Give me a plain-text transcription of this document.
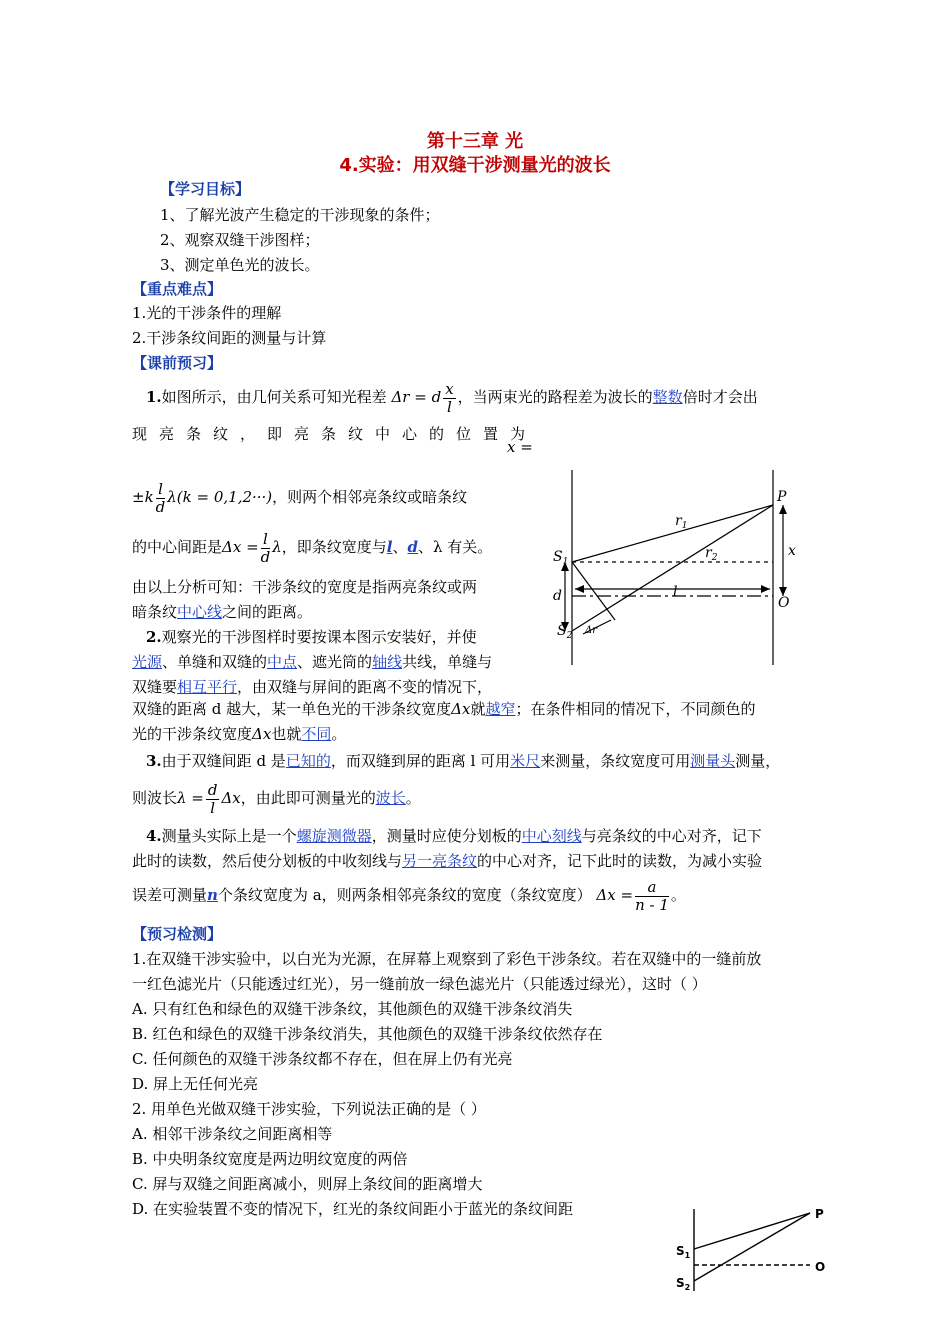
第十三章 光
4.实验：用双缝干涉测量光的波长
【学习目标】
1、了解光波产生稳定的干涉现象的条件；
2、观察双缝干涉图样；
3、测定单色光的波长。
【重点难点】
1.光的干涉条件的理解
2.干涉条纹间距的测量与计算
【课前预习】
1.如图所示，由几何关系可知光程差 Δr = d $\frac{x}{l}$ ，当两束光的路程差为波长的整数倍时才会出
现亮条纹，即亮条纹中心的位置为
x =
$\pm k \frac{l}{d} \lambda(k = 0,1,2\cdot\cdot\cdot)$，则两个相邻亮条纹或暗条纹
的中心间距是$\Delta x = \frac{l}{d}$ λ，即条纹宽度与l、d、λ 有关。
由以上分析可知：干涉条纹的宽度是指两亮条纹或两
暗条纹中心线之间的距离。
2.观察光的干涉图样时要按课本图示安装好，并使
光源、单缝和双缝的中点、遮光筒的轴线共线，单缝与
双缝要相互平行，由双缝与屏间的距离不变的情况下，
双缝的距离 d 越大，某一单色光的干涉条纹宽度Δx就越窄；在条件相同的情况下，不同颜色的
光的干涉条纹宽度Δx也就不同。
3.由于双缝间距 d 是已知的，而双缝到屏的距离 l 可用米尺来测量，条纹宽度可用测量头测量，
则波长$\lambda = \frac{d}{l}$ Δx，由此即可测量光的波长。
4.测量头实际上是一个螺旋测微器，测量时应使分划板的中心刻线与亮条纹的中心对齐，记下
此时的读数，然后使分划板的中收刻线与另一亮条纹的中心对齐，记下此时的读数，为减小实验
误差可测量n个条纹宽度为 a，则两条相邻亮条纹的宽度（条纹宽度） $\Delta x = \frac{a}{n - 1}$ 。
【预习检测】
1.在双缝干涉实验中，以白光为光源，在屏幕上观察到了彩色干涉条纹。若在双缝中的一缝前放
一红色滤光片（只能透过红光），另一缝前放一绿色滤光片（只能透过绿光），这时（ ）
A. 只有红色和绿色的双缝干涉条纹，其他颜色的双缝干涉条纹消失
B. 红色和绿色的双缝干涉条纹消失，其他颜色的双缝干涉条纹依然存在
C. 任何颜色的双缝干涉条纹都不存在，但在屏上仍有光亮
D. 屏上无任何光亮
2. 用单色光做双缝干涉实验，下列说法正确的是（ ）
A. 相邻干涉条纹之间距离相等
B. 中央明条纹宽度是两边明纹宽度的两倍
C. 屏与双缝之间距离减小，则屏上条纹间的距离增大
D. 在实验装置不变的情况下，红光的条纹间距小于蓝光的条纹间距
P
$S_1$
$S_2$
$r_1$
$r_2$	x
d	l
O
Δr
P
$S_1$
$S_2$
O
